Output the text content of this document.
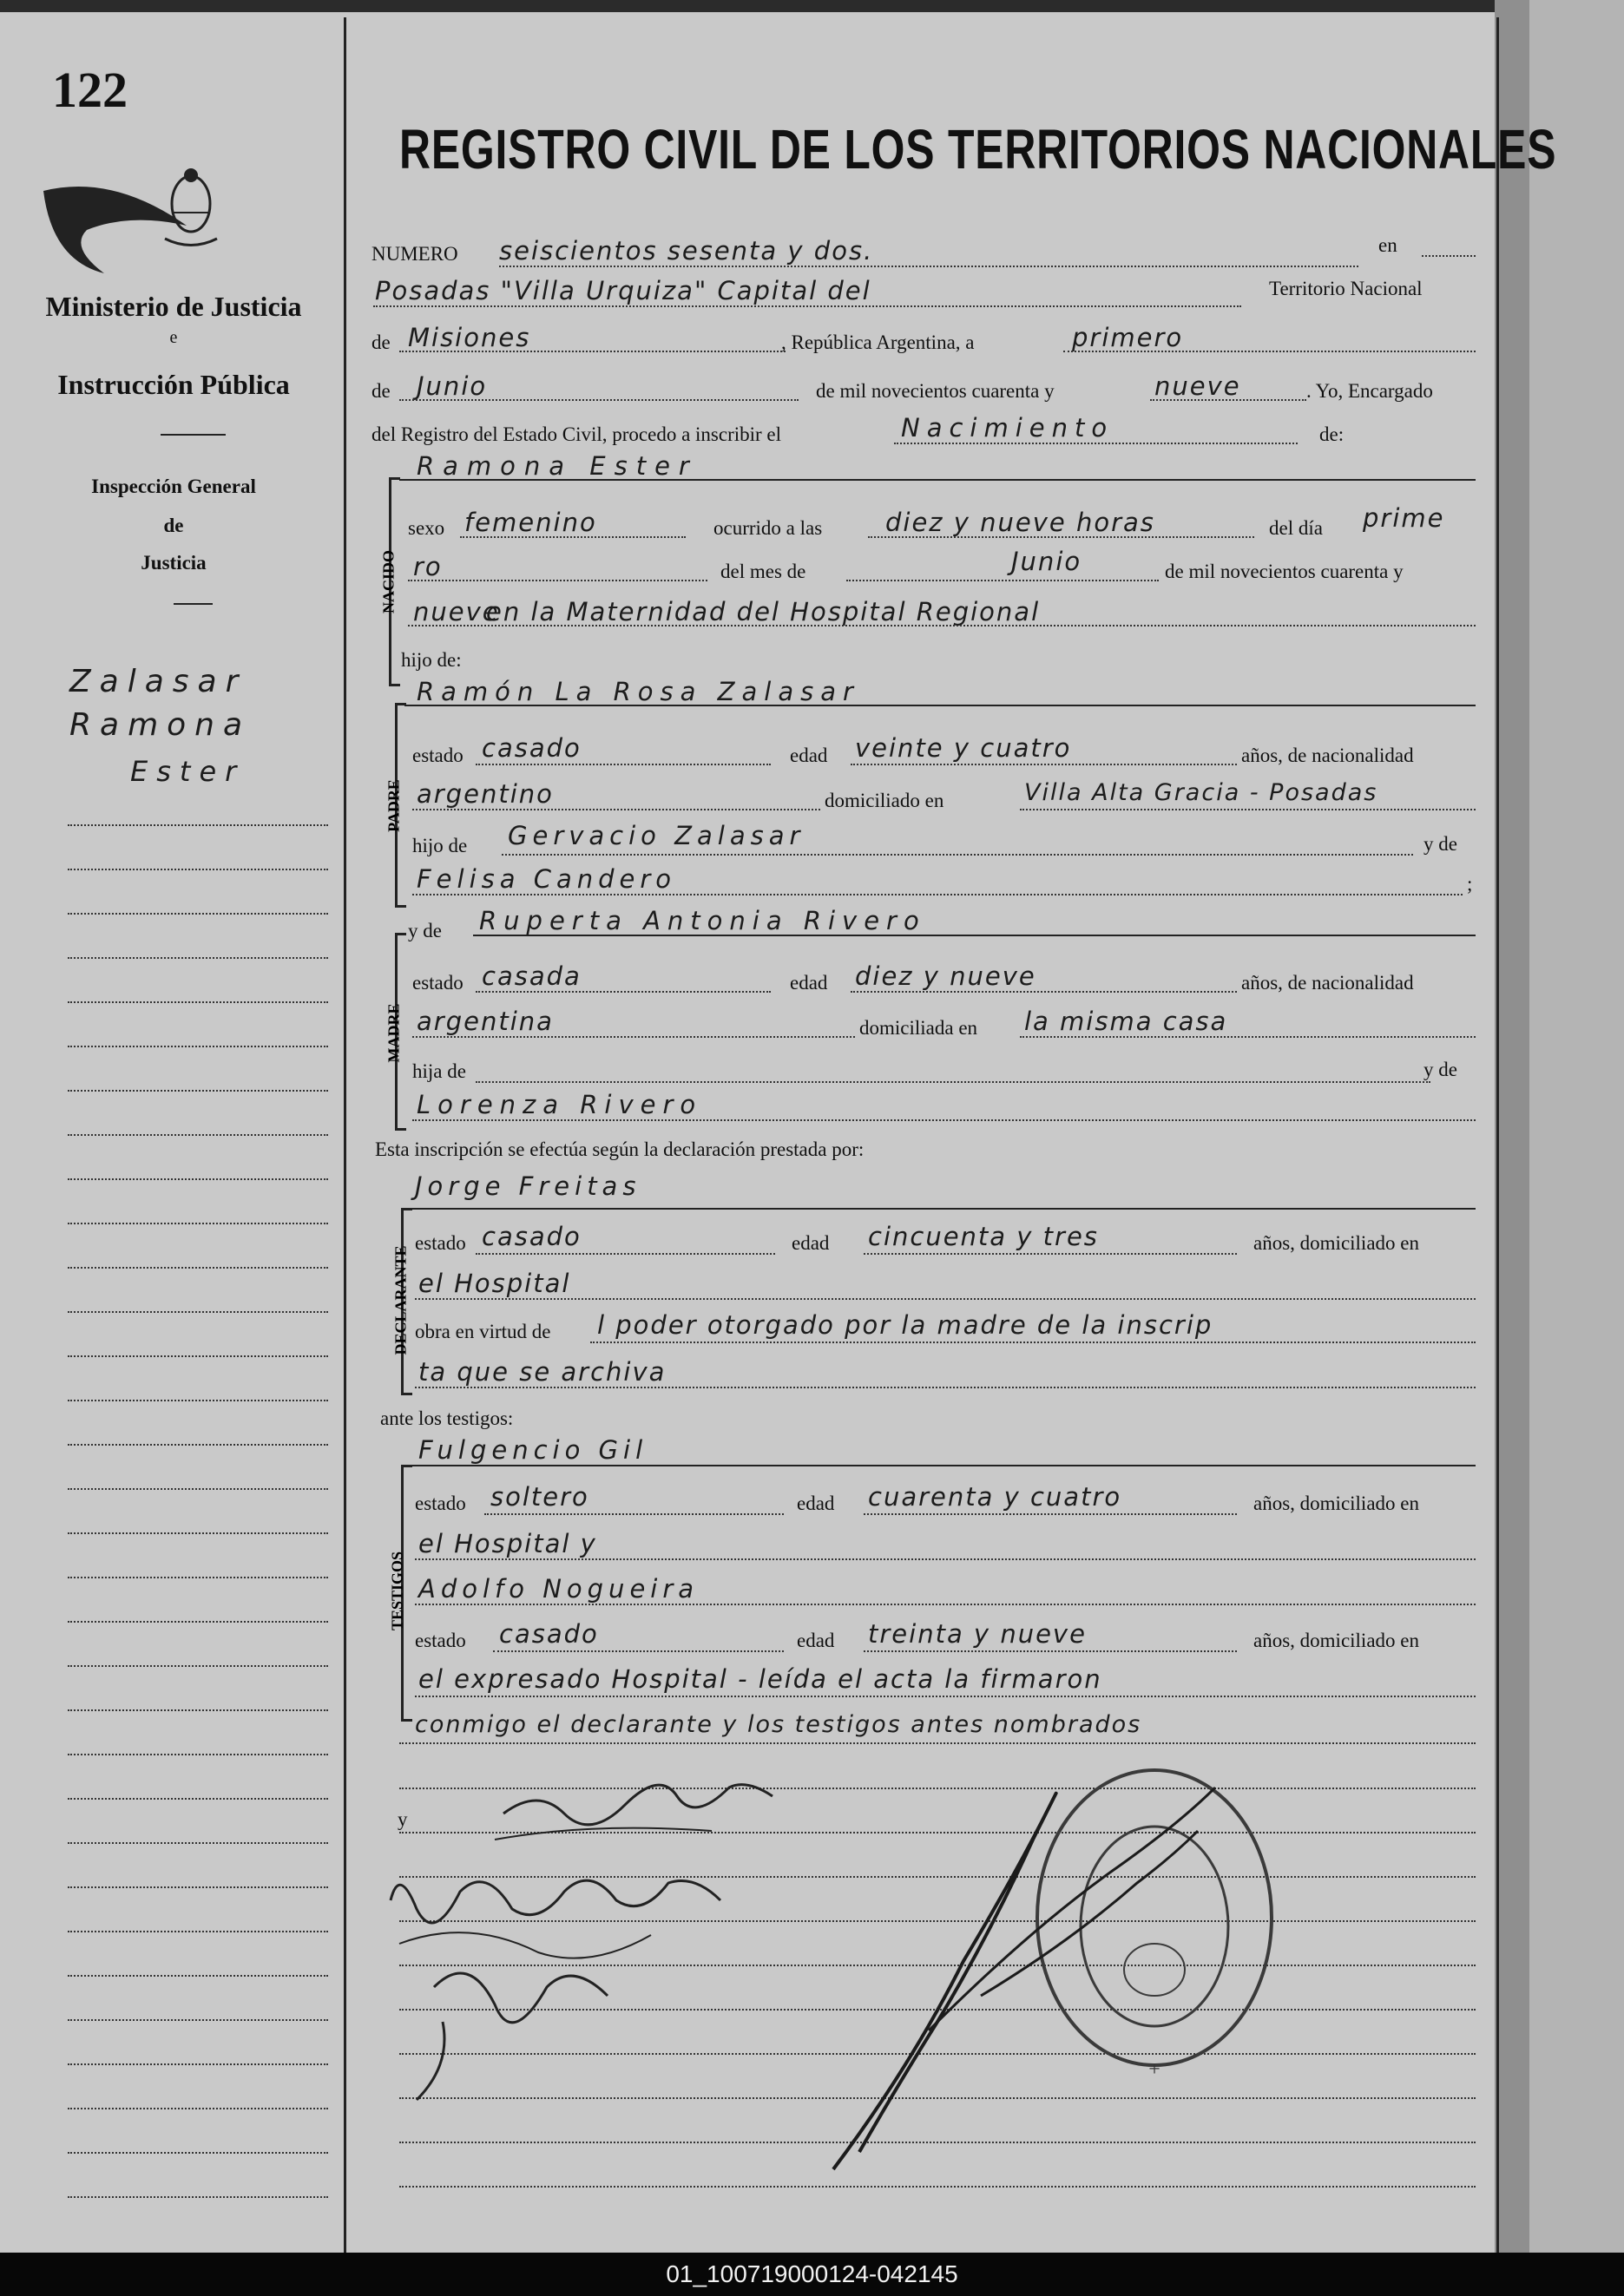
122
Ministerio de Justicia
e
Instrucción Pública
Inspección General
de
Justicia
Zalasar
Ramona
Ester
REGISTRO CIVIL DE LOS TERRITORIOS NACIONALES
NUMERO seiscientos sesenta y dos.	en
Posadas "Villa Urquiza" Capital del	Territorio Nacional
de Misiones	, República Argentina, a	primero
de Junio	de mil novecientos cuarenta y	nueve	. Yo, Encargado
del Registro del Estado Civil, procedo a inscribir el	Nacimiento	de:
NACIDO
Ramona Ester
sexo femenino	ocurrido a las	diez y nueve horas	del día prime
ro	del mes de	Junio	de mil novecientos cuarenta y
nueve
en la Maternidad del Hospital Regional
hijo de:
PADRE
Ramón La Rosa Zalasar
estado casado	edad veinte y cuatro	años, de nacionalidad
argentino	domiciliado en	Villa Alta Gracia - Posadas
hijo de Gervacio Zalasar	y de
Felisa Candero	;
MADRE
y de Ruperta Antonia Rivero
estado casada	edad diez y nueve	años, de nacionalidad
argentina	domiciliada en la misma casa
hija de	y de
Lorenza Rivero
Esta inscripción se efectúa según la declaración prestada por:
DECLARANTE
Jorge Freitas
estado casado	edad cincuenta y tres	años, domiciliado en
el Hospital
obra en virtud de l poder otorgado por la madre de la inscrip
ta que se archiva
ante los testigos:
TESTIGOS
Fulgencio Gil
estado soltero	edad cuarenta y cuatro	años, domiciliado en
el Hospital y
Adolfo Nogueira
estado casado	edad treinta y nueve	años, domiciliado en
el expresado Hospital - leída el acta la firmaron
conmigo el declarante y los testigos antes nombrados
y
+
01_100719000124-042145
